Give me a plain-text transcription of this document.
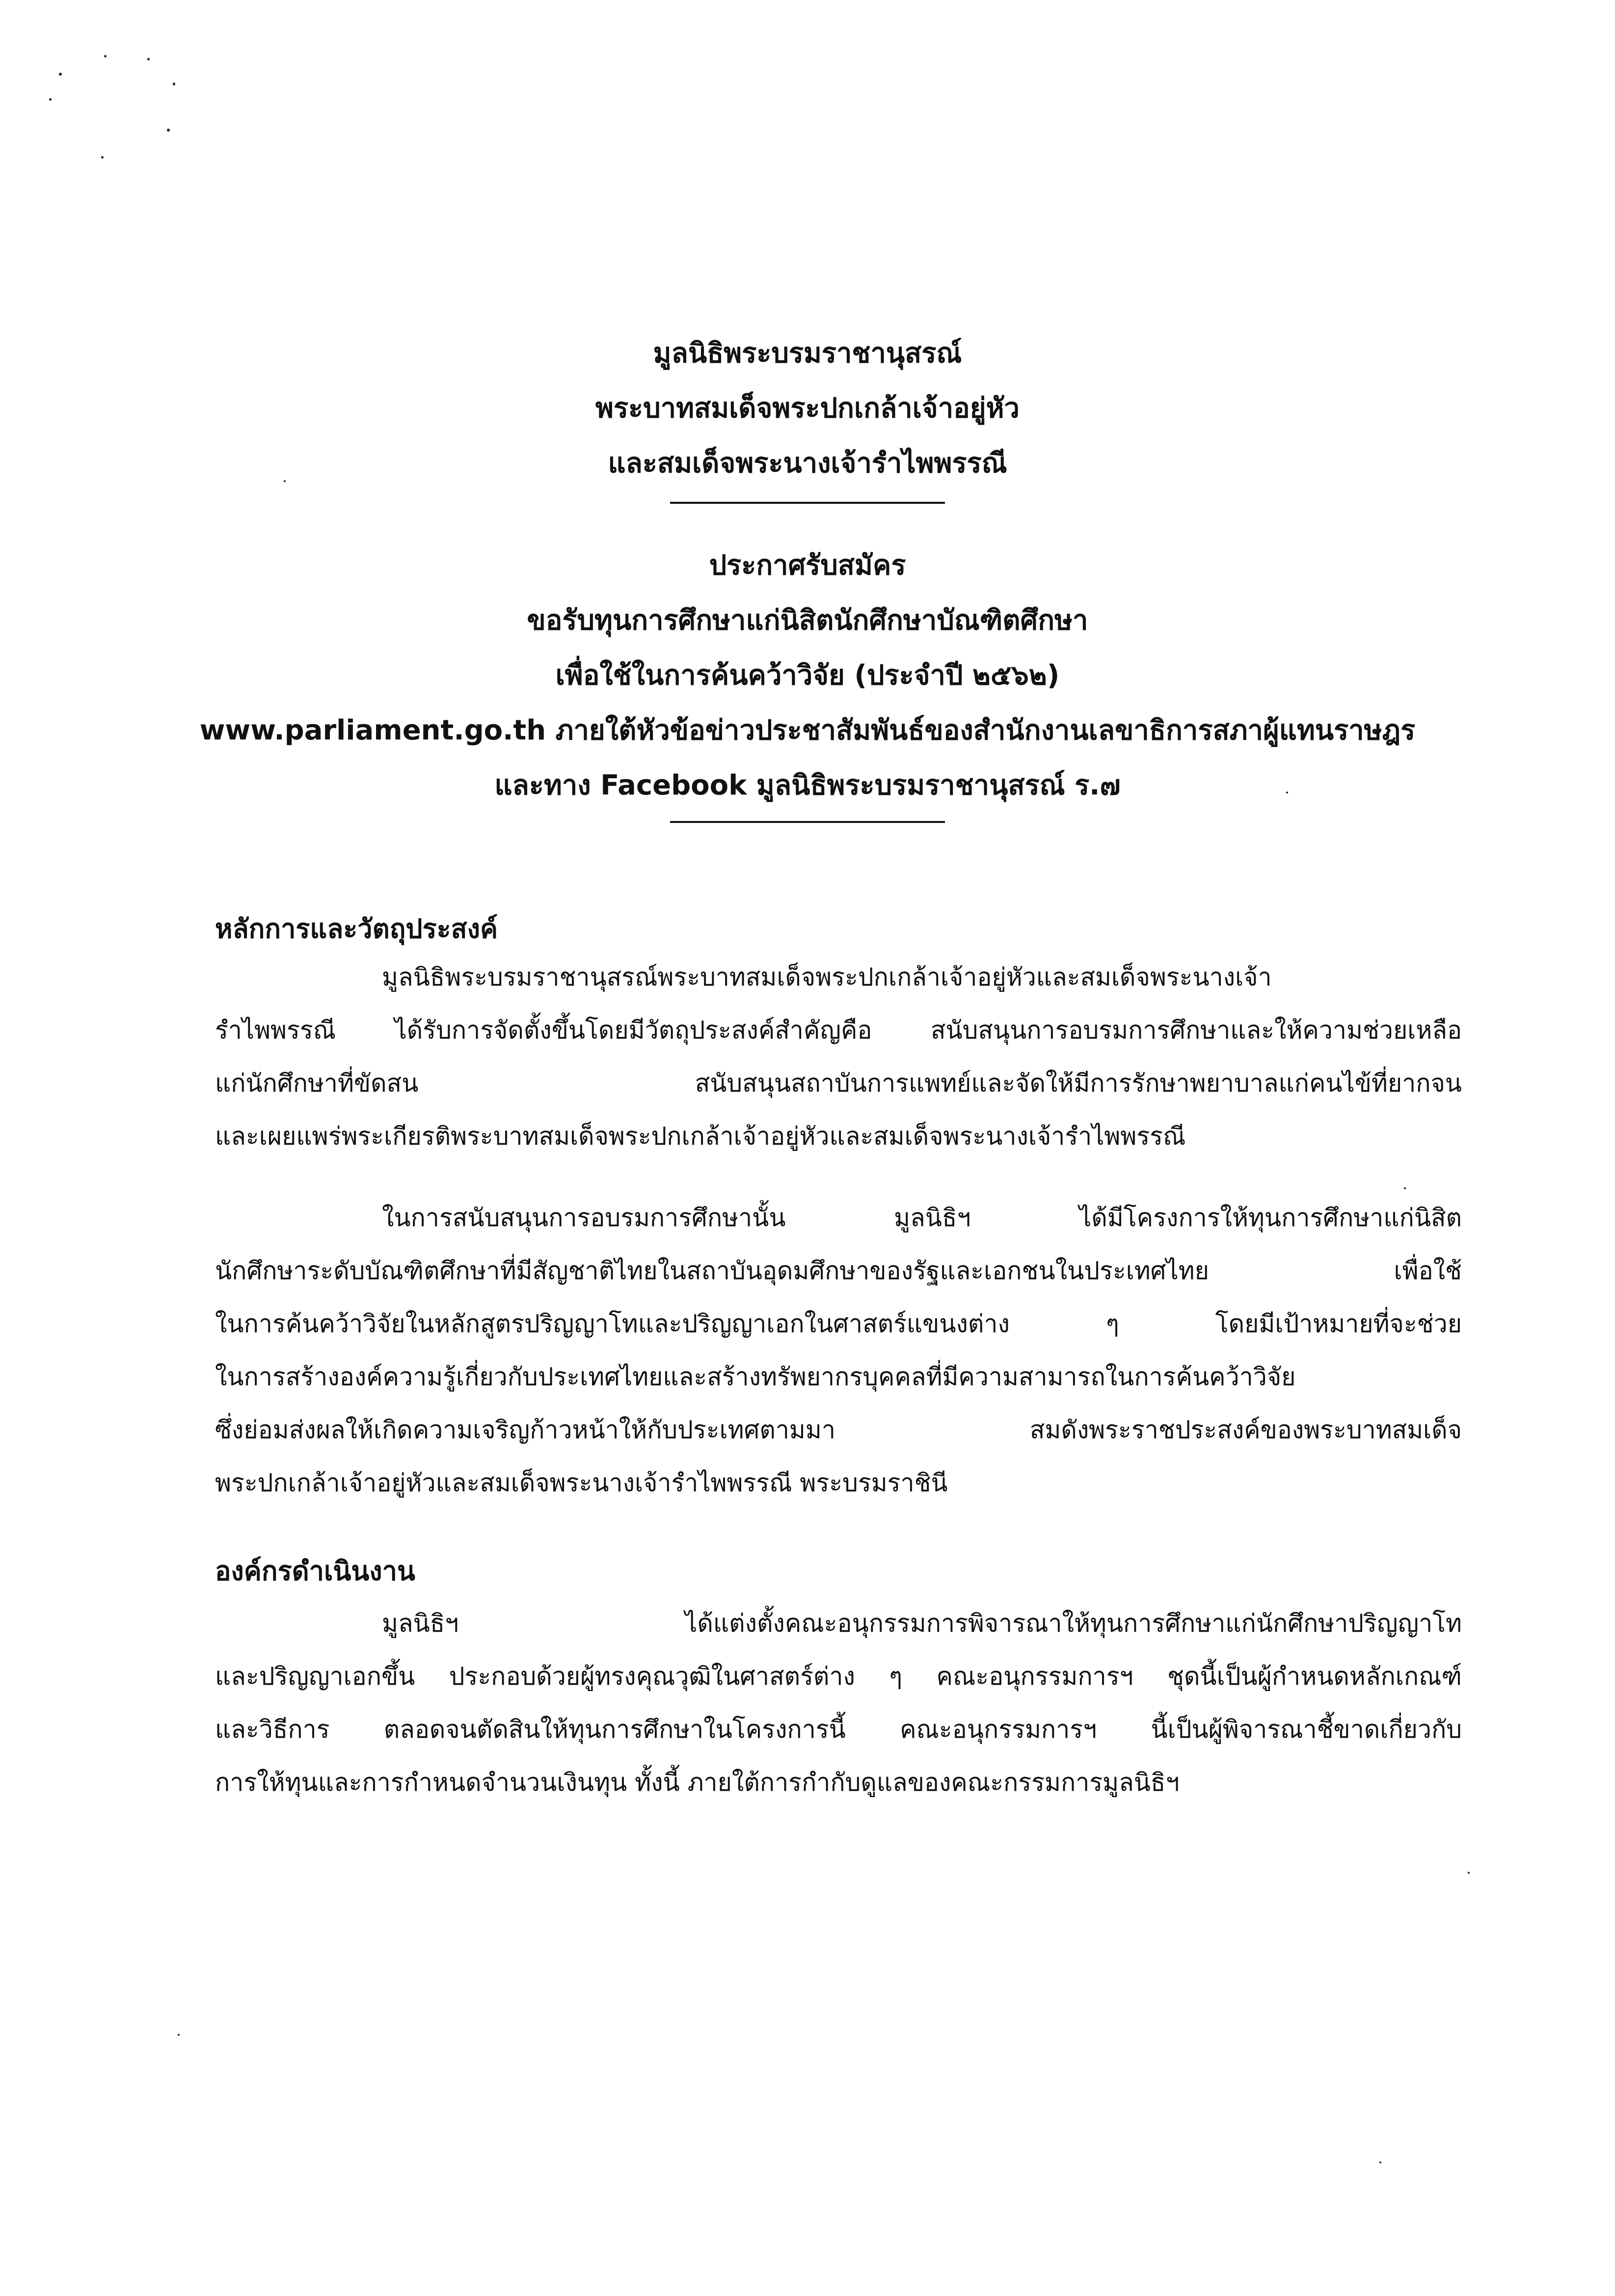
มูลนิธิพระบรมราชานุสรณ์
พระบาทสมเด็จพระปกเกล้าเจ้าอยู่หัว
และสมเด็จพระนางเจ้ารำไพพรรณี
ประกาศรับสมัคร
ขอรับทุนการศึกษาแก่นิสิตนักศึกษาบัณฑิตศึกษา
เพื่อใช้ในการค้นคว้าวิจัย (ประจำปี ๒๕๖๒)
www.parliament.go.th ภายใต้หัวข้อข่าวประชาสัมพันธ์ของสำนักงานเลขาธิการสภาผู้แทนราษฎร
และทาง Facebook มูลนิธิพระบรมราชานุสรณ์ ร.๗
หลักการและวัตถุประสงค์
มูลนิธิพระบรมราชานุสรณ์พระบาทสมเด็จพระปกเกล้าเจ้าอยู่หัวและสมเด็จพระนางเจ้า
รำไพพรรณี ได้รับการจัดตั้งขึ้นโดยมีวัตถุประสงค์สำคัญคือ สนับสนุนการอบรมการศึกษาและให้ความช่วยเหลือ
แก่นักศึกษาที่ขัดสน สนับสนุนสถาบันการแพทย์และจัดให้มีการรักษาพยาบาลแก่คนไข้ที่ยากจน
และเผยแพร่พระเกียรติพระบาทสมเด็จพระปกเกล้าเจ้าอยู่หัวและสมเด็จพระนางเจ้ารำไพพรรณี
ในการสนับสนุนการอบรมการศึกษานั้น มูลนิธิฯ ได้มีโครงการให้ทุนการศึกษาแก่นิสิต
นักศึกษาระดับบัณฑิตศึกษาที่มีสัญชาติไทยในสถาบันอุดมศึกษาของรัฐและเอกชนในประเทศไทย เพื่อใช้
ในการค้นคว้าวิจัยในหลักสูตรปริญญาโทและปริญญาเอกในศาสตร์แขนงต่าง ๆ โดยมีเป้าหมายที่จะช่วย
ในการสร้างองค์ความรู้เกี่ยวกับประเทศไทยและสร้างทรัพยากรบุคคลที่มีความสามารถในการค้นคว้าวิจัย
ซึ่งย่อมส่งผลให้เกิดความเจริญก้าวหน้าให้กับประเทศตามมา สมดังพระราชประสงค์ของพระบาทสมเด็จ
พระปกเกล้าเจ้าอยู่หัวและสมเด็จพระนางเจ้ารำไพพรรณี พระบรมราชินี
องค์กรดำเนินงาน
มูลนิธิฯ ได้แต่งตั้งคณะอนุกรรมการพิจารณาให้ทุนการศึกษาแก่นักศึกษาปริญญาโท
และปริญญาเอกขึ้น ประกอบด้วยผู้ทรงคุณวุฒิในศาสตร์ต่าง ๆ คณะอนุกรรมการฯ ชุดนี้เป็นผู้กำหนดหลักเกณฑ์
และวิธีการ ตลอดจนตัดสินให้ทุนการศึกษาในโครงการนี้ คณะอนุกรรมการฯ นี้เป็นผู้พิจารณาชี้ขาดเกี่ยวกับ
การให้ทุนและการกำหนดจำนวนเงินทุน ทั้งนี้ ภายใต้การกำกับดูแลของคณะกรรมการมูลนิธิฯ
